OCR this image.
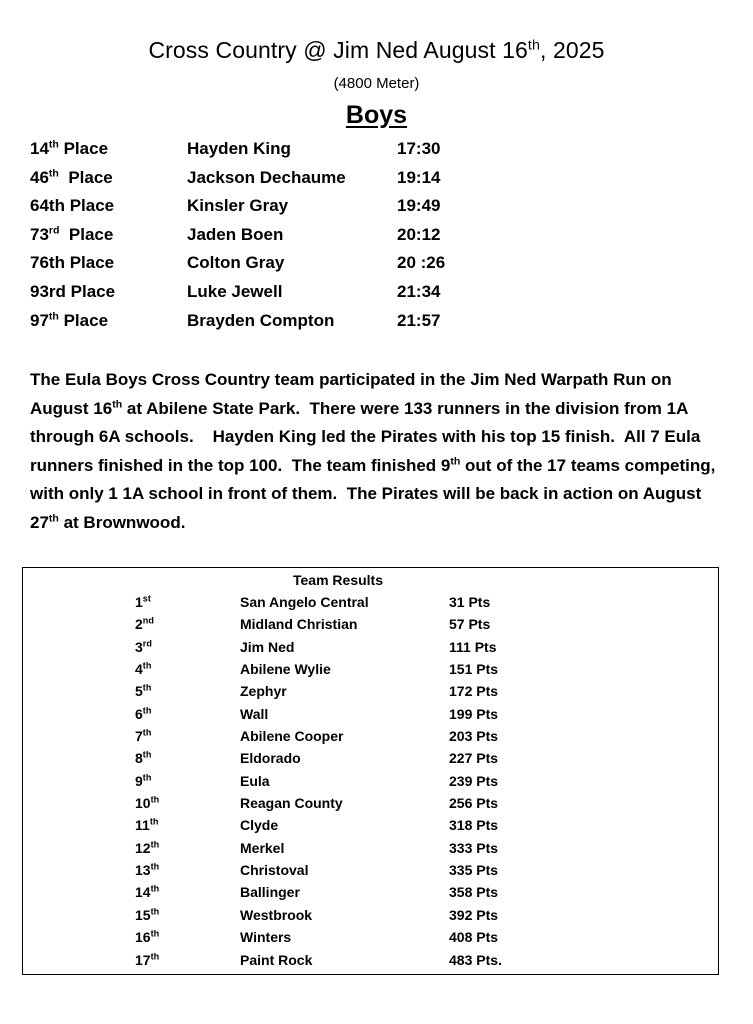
Cross Country @ Jim Ned August 16th, 2025
(4800 Meter)
Boys
14th Place	Hayden King	17:30
46th  Place	Jackson Dechaume	19:14
64th Place	Kinsler Gray	19:49
73rd  Place	Jaden Boen	20:12
76th Place	Colton Gray	20 :26
93rd Place	Luke Jewell	21:34
97th Place	Brayden Compton	21:57
The Eula Boys Cross Country team participated in the Jim Ned Warpath Run on August 16th at Abilene State Park.  There were 133 runners in the division from 1A through 6A schools.    Hayden King led the Pirates with his top 15 finish.  All 7 Eula runners finished in the top 100.  The team finished 9th out of the 17 teams competing, with only 1 1A school in front of them.  The Pirates will be back in action on August 27th at Brownwood.
Team Results
1st	San Angelo Central	31 Pts
2nd	Midland Christian	57 Pts
3rd	Jim Ned	111 Pts
4th	Abilene Wylie	151 Pts
5th	Zephyr	172 Pts
6th	Wall	199 Pts
7th	Abilene Cooper	203 Pts
8th	Eldorado	227 Pts
9th	Eula	239 Pts
10th	Reagan County	256 Pts
11th	Clyde	318 Pts
12th	Merkel	333 Pts
13th	Christoval	335 Pts
14th	Ballinger	358 Pts
15th	Westbrook	392 Pts
16th	Winters	408 Pts
17th	Paint Rock	483 Pts.
